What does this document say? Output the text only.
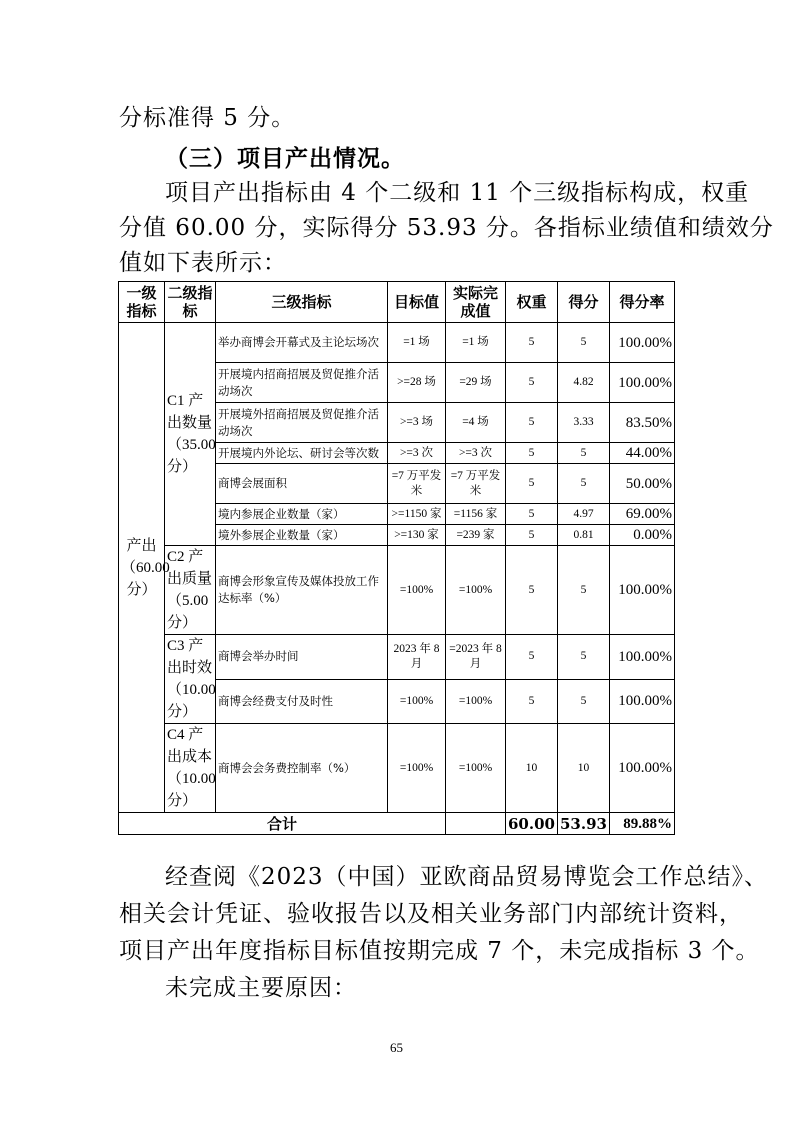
分标准得 5 分。
（三）项目产出情况。
项目产出指标由 4 个二级和 11 个三级指标构成，权重
分值 60.00 分，实际得分 53.93 分。各指标业绩值和绩效分
值如下表所示：
一级指标	二级指标	三级指标	目标值	实际完成值	权重	得分	得分率
产出（60.00 分）	C1 产出数量（35.00 分）	举办商博会开幕式及主论坛场次	=1 场	=1 场	5	5	100.00%
		开展境内招商招展及贸促推介活动场次	>=28 场	=29 场	5	4.82	100.00%
		开展境外招商招展及贸促推介活动场次	>=3 场	=4 场	5	3.33	83.50%
		开展境内外论坛、研讨会等次数	>=3 次	>=3 次	5	5	44.00%
		商博会展面积	=7 万平发米	=7 万平发米	5	5	50.00%
		境内参展企业数量（家）	>=1150 家	=1156 家	5	4.97	69.00%
		境外参展企业数量（家）	>=130 家	=239 家	5	0.81	0.00%
	C2 产出质量（5.00 分）	商博会形象宣传及媒体投放工作达标率（%）	=100%	=100%	5	5	100.00%
	C3 产出时效（10.00 分）	商博会举办时间	2023 年 8 月	=2023 年 8 月	5	5	100.00%
		商博会经费支付及时性	=100%	=100%	5	5	100.00%
	C4 产出成本（10.00 分）	商博会会务费控制率（%）	=100%	=100%	10	10	100.00%
合计					60.00	53.93	89.88%
经查阅《2023（中国）亚欧商品贸易博览会工作总结》、
相关会计凭证、验收报告以及相关业务部门内部统计资料，
项目产出年度指标目标值按期完成 7 个，未完成指标 3 个。
未完成主要原因：
65
